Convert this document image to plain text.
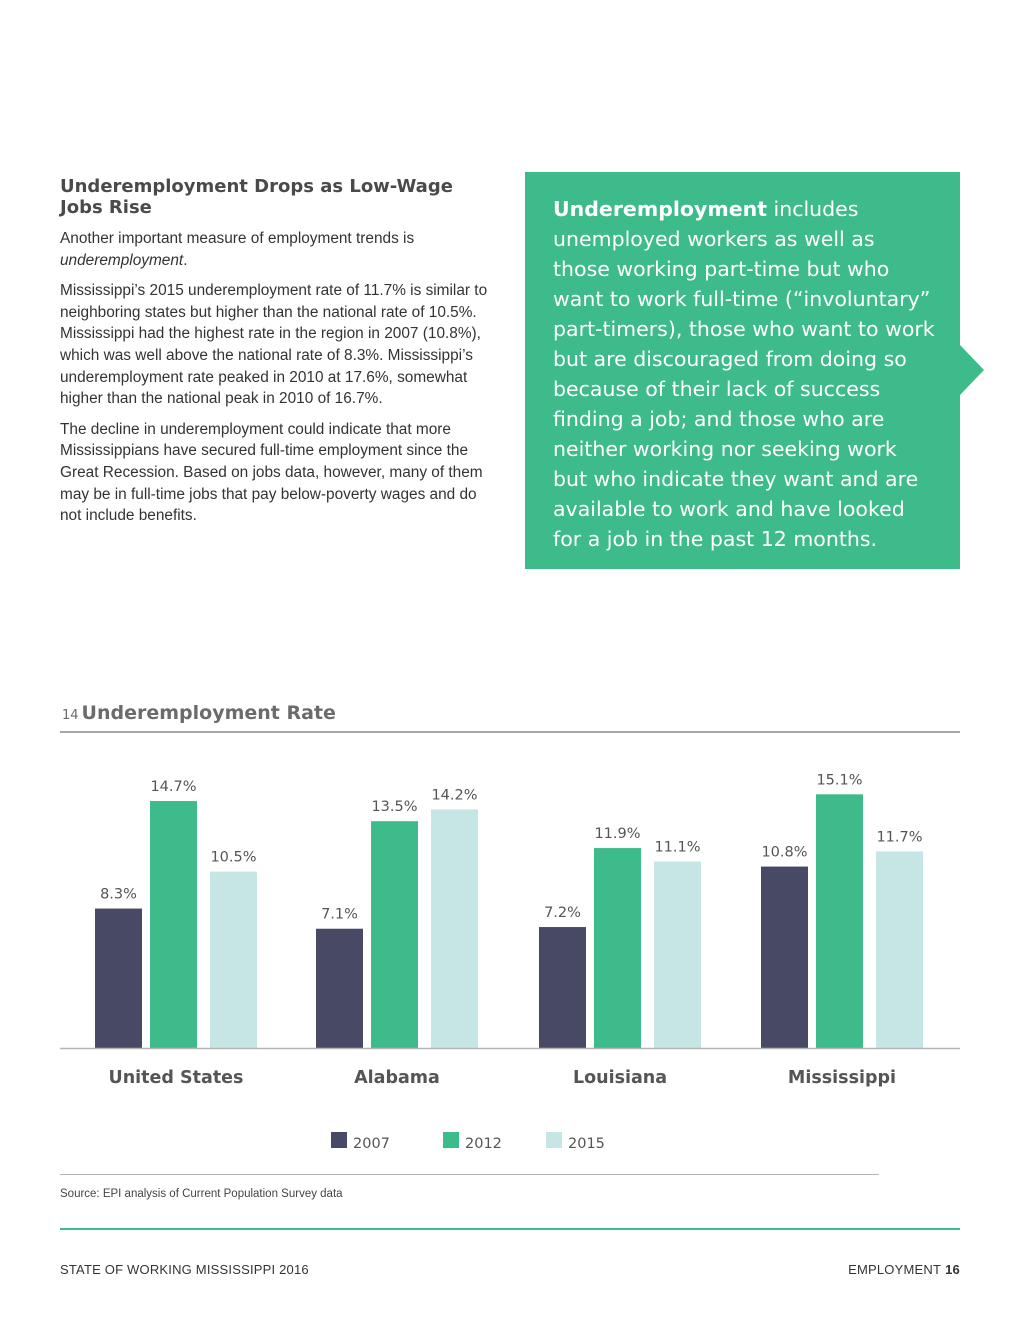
Underemployment Drops as Low-Wage Jobs Rise

Another important measure of employment trends is underemployment.

Mississippi’s 2015 underemployment rate of 11.7% is similar to neighboring states but higher than the national rate of 10.5%. Mississippi had the highest rate in the region in 2007 (10.8%), which was well above the national rate of 8.3%. Mississippi’s underemployment rate peaked in 2010 at 17.6%, somewhat higher than the national peak in 2010 of 16.7%.

The decline in underemployment could indicate that more Mississippians have secured full-time employment since the Great Recession. Based on jobs data, however, many of them may be in full-time jobs that pay below-poverty wages and do not include benefits.

Underemployment includes unemployed workers as well as those working part-time but who want to work full-time (“involuntary” part-timers), those who want to work but are discouraged from doing so because of their lack of success finding a job; and those who are neither working nor seeking work but who indicate they want and are available to work and have looked for a job in the past 12 months.
14 Underemployment Rate
8.3%
14.7%
10.5%
United States
7.1%
13.5%
14.2%
Alabama
7.2%
11.9%
11.1%
Louisiana
10.8%
15.1%
11.7%
Mississippi
2007	2012	2015
Source: EPI analysis of Current Population Survey data
STATE OF WORKING MISSISSIPPI 2016	EMPLOYMENT 16
